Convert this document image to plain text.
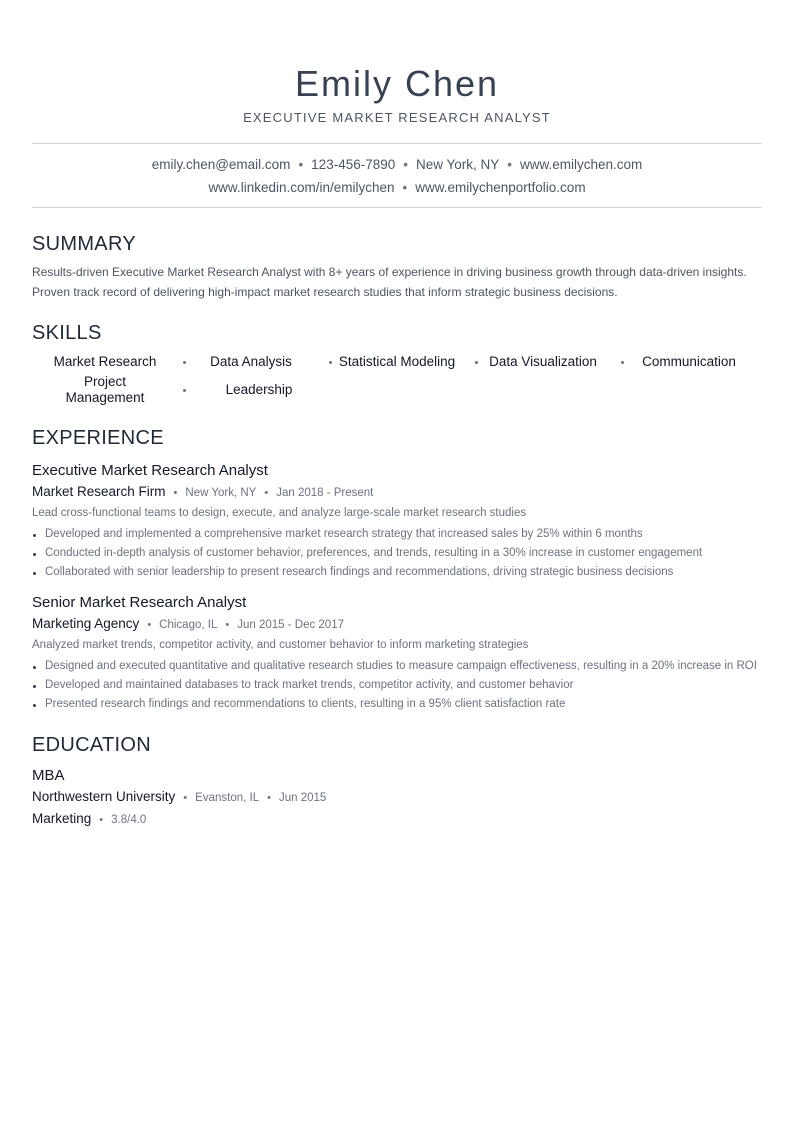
Emily Chen
EXECUTIVE MARKET RESEARCH ANALYST
emily.chen@email.com • 123-456-7890 • New York, NY • www.emilychen.com
www.linkedin.com/in/emilychen • www.emilychenportfolio.com
SUMMARY
Results-driven Executive Market Research Analyst with 8+ years of experience in driving business growth through data-driven insights. Proven track record of delivering high-impact market research studies that inform strategic business decisions.
SKILLS
Market Research	Data Analysis	Statistical Modeling	Data Visualization	Communication
Project Management
Leadership
EXPERIENCE
Executive Market Research Analyst
Market Research Firm • New York, NY • Jan 2018 - Present
Lead cross-functional teams to design, execute, and analyze large-scale market research studies
Developed and implemented a comprehensive market research strategy that increased sales by 25% within 6 months
Conducted in-depth analysis of customer behavior, preferences, and trends, resulting in a 30% increase in customer engagement
Collaborated with senior leadership to present research findings and recommendations, driving strategic business decisions
Senior Market Research Analyst
Marketing Agency • Chicago, IL • Jun 2015 - Dec 2017
Analyzed market trends, competitor activity, and customer behavior to inform marketing strategies
Designed and executed quantitative and qualitative research studies to measure campaign effectiveness, resulting in a 20% increase in ROI
Developed and maintained databases to track market trends, competitor activity, and customer behavior
Presented research findings and recommendations to clients, resulting in a 95% client satisfaction rate
EDUCATION
MBA
Northwestern University • Evanston, IL • Jun 2015
Marketing • 3.8/4.0
